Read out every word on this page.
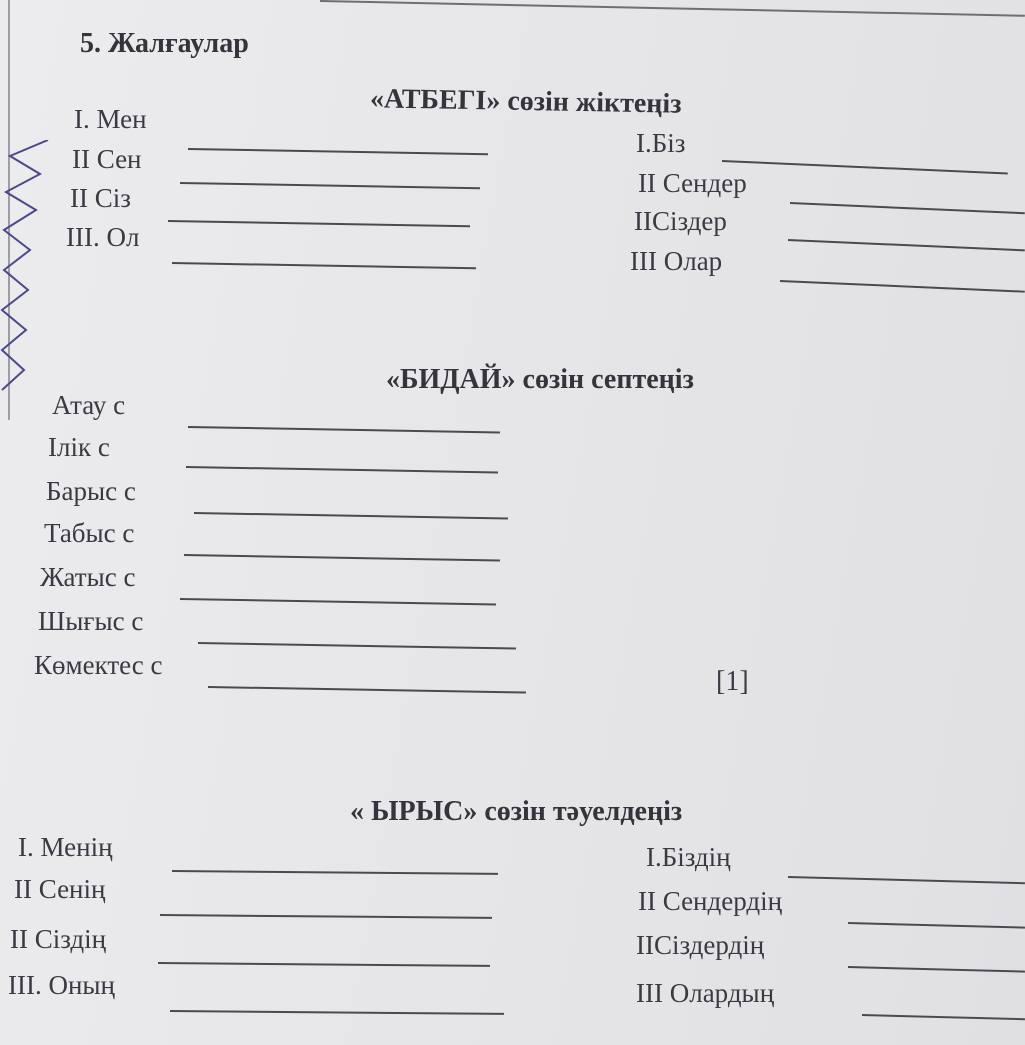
5. Жалғаулар
«АТБЕГІ» сөзін жіктеңіз
I. Мен
II Сен
II Сіз
III. Ол
I.Біз
II Сендер
IIСіздер
III Олар
«БИДАЙ» сөзін септеңіз
Атау с
Ілік с
Барыс с
Табыс с
Жатыс с
Шығыс с
Көмектес с
[1]
« ЫРЫС» сөзін тәуелдеңіз
I. Менің
II Сенің
II Сіздің
III. Оның
I.Біздің
II Сендердің
IIСіздердің
III Олардың
